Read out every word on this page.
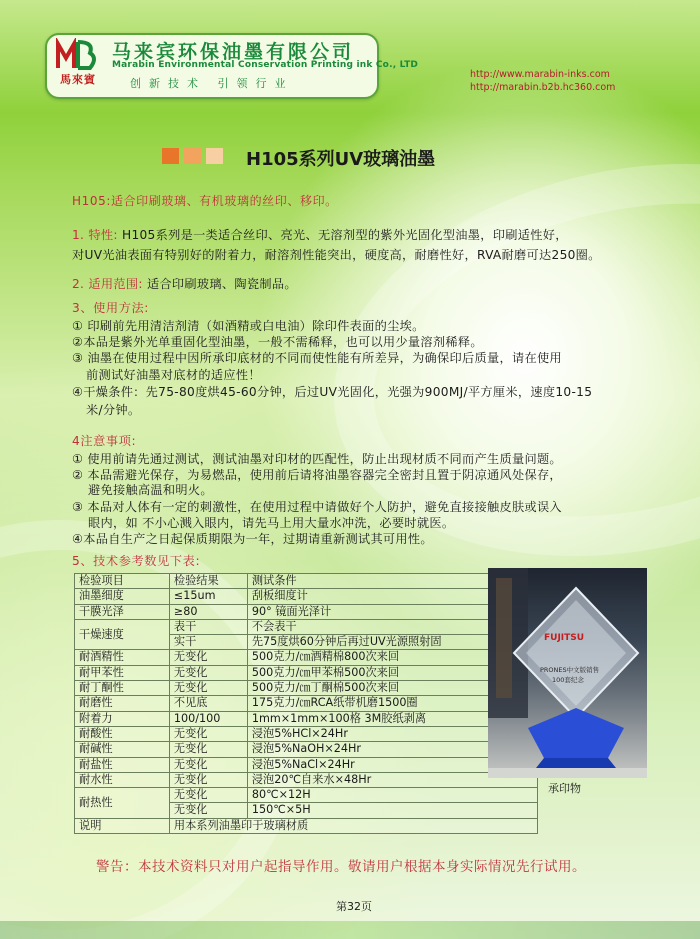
馬來賓
马来宾环保油墨有限公司
Marabin Environmental Conservation Printing ink Co., LTD
创新技术 引领行业
http://www.marabin-inks.com
http://marabin.b2b.hc360.com
H105系列UV玻璃油墨
H105:适合印刷玻璃、有机玻璃的丝印、移印。
1. 特性: H105系列是一类适合丝印、亮光、无溶剂型的紫外光固化型油墨，印刷适性好，
对UV光油表面有特别好的附着力，耐溶剂性能突出，硬度高，耐磨性好，RVA耐磨可达250圈。
2. 适用范围: 适合印刷玻璃、陶瓷制品。
3、使用方法:
① 印刷前先用清洁剂清（如酒精或白电油）除印件表面的尘埃。
②本品是紫外光单重固化型油墨，一般不需稀释，也可以用少量溶剂稀释。
③ 油墨在使用过程中因所承印底材的不同而使性能有所差异，为确保印后质量，请在使用
前测试好油墨对底材的适应性！
④干燥条件：先75-80度烘45-60分钟，后过UV光固化，光强为900MJ/平方厘米，速度10-15
米/分钟。
4注意事项:
① 使用前请先通过测试，测试油墨对印材的匹配性，防止出现材质不同而产生质量问题。
② 本品需避光保存，为易燃品，使用前后请将油墨容器完全密封且置于阴凉通风处保存，
避免接触高温和明火。
③ 本品对人体有一定的刺激性，在使用过程中请做好个人防护，避免直接接触皮肤或误入
眼内，如 不小心溅入眼内，请先马上用大量水冲洗，必要时就医。
④本品自生产之日起保质期限为一年，过期请重新测试其可用性。
5、技术参考数见下表:
检验项目	检验结果	测试条件	
油墨细度	≤15um	刮板细度计	
干膜光泽	≥80	90° 镜面光泽计	
干燥速度	表干	不会表干	
	实干	先75度烘60分钟后再过UV光源照射固	
耐酒精性	无变化	500克力/㎝酒精棉800次来回	
耐甲苯性	无变化	500克力/㎝甲苯棉500次来回	
耐丁酮性	无变化	500克力/㎝丁酮棉500次来回	
耐磨性	不见底	175克力/㎝RCA纸带机磨1500圈	
附着力	100/100	1mm×1mm×100格 3M胶纸剥离	
耐酸性	无变化	浸泡5%HCl×24Hr	
耐碱性	无变化	浸泡5%NaOH×24Hr	
耐盐性	无变化	浸泡5%NaCl×24Hr	
耐水性	无变化	浸泡20℃自来水×48Hr	
耐热性	无变化	80℃×12H	
	无变化	150℃×5H	
说明	用本系列油墨印于玻璃材质		
FUJITSU
PRONES中文版销售
100套纪念
承印物
警告：本技术资料只对用户起指导作用。敬请用户根据本身实际情况先行试用。
第32页
